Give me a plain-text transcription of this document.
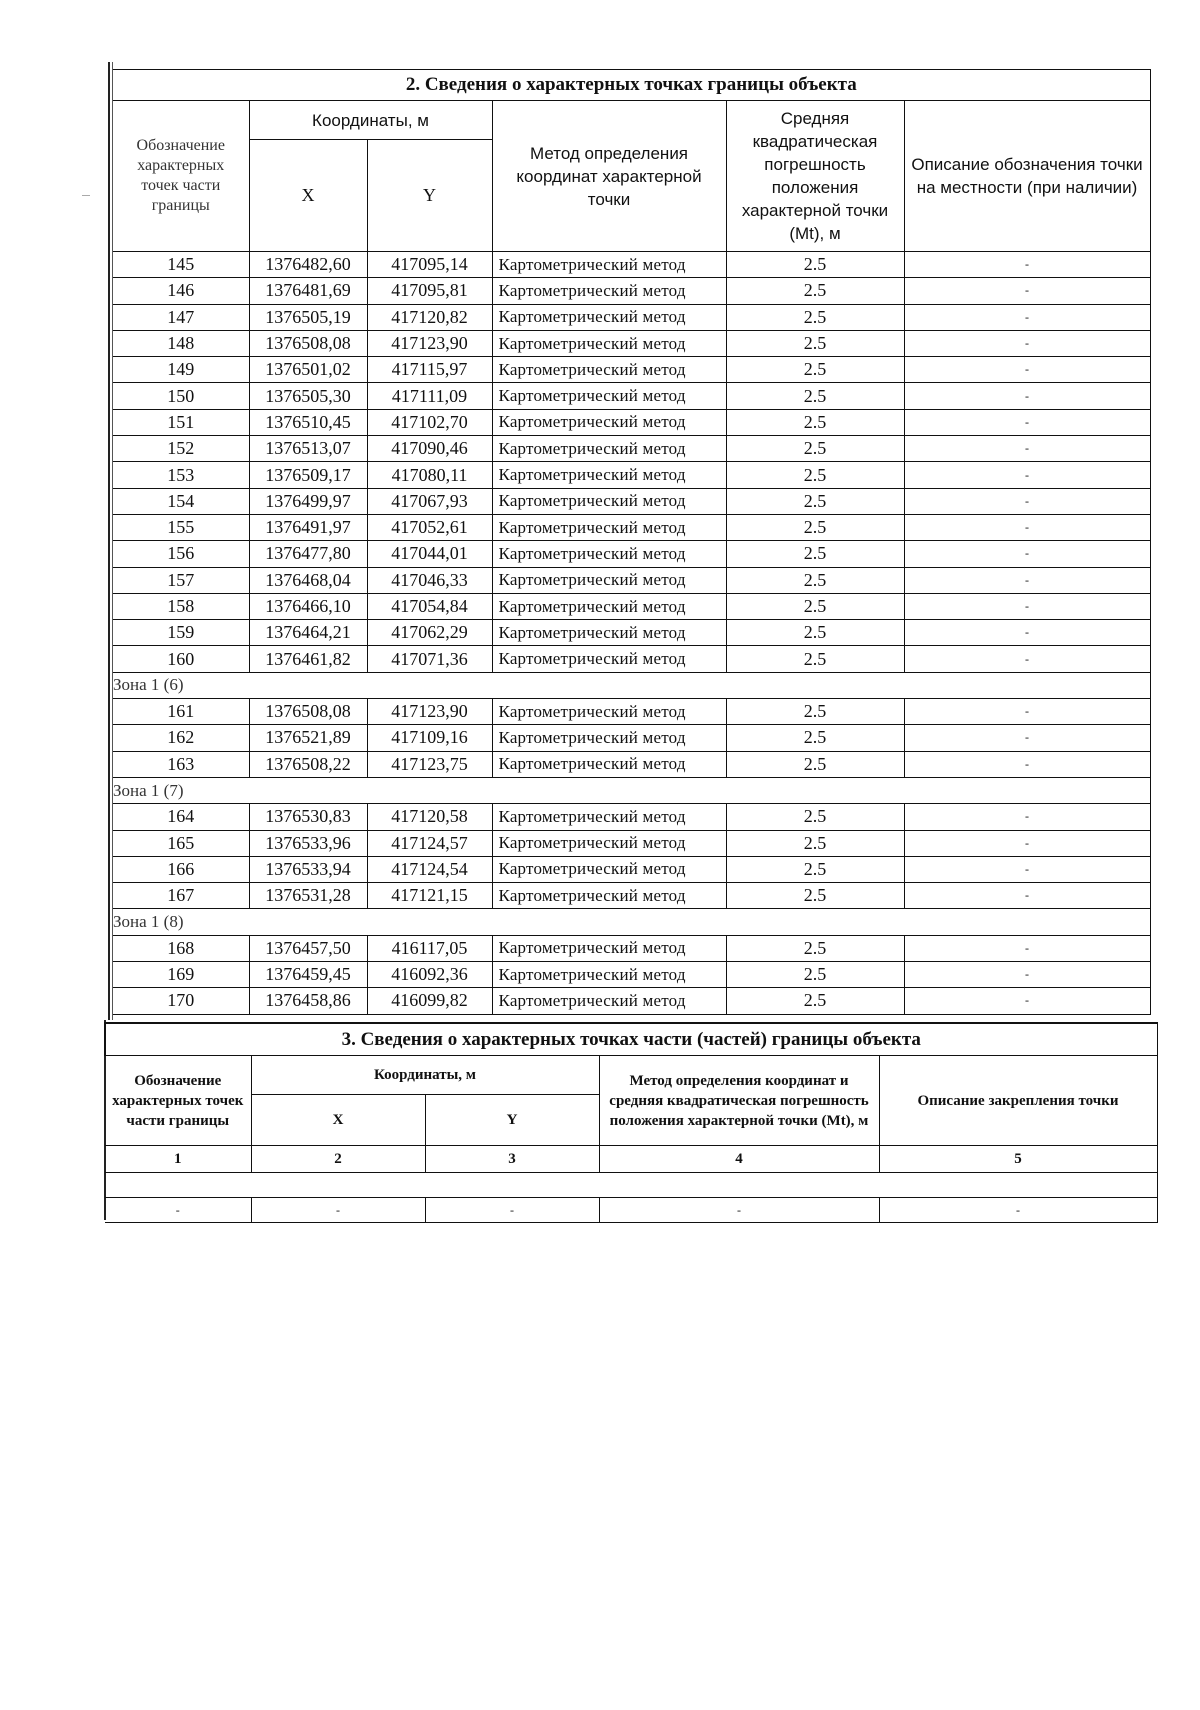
2. Сведения о характерных точках границы объекта					
Обозначение характерных точек части границы	Координаты, м		Метод определения координат характерной точки	Средняя квадратическая погрешность положения характерной точки (Mt), м	Описание обозначения точки на местности (при наличии)
	X	Y			
145	1376482,60	417095,14	Картометрический метод	2.5	-
146	1376481,69	417095,81	Картометрический метод	2.5	-
147	1376505,19	417120,82	Картометрический метод	2.5	-
148	1376508,08	417123,90	Картометрический метод	2.5	-
149	1376501,02	417115,97	Картометрический метод	2.5	-
150	1376505,30	417111,09	Картометрический метод	2.5	-
151	1376510,45	417102,70	Картометрический метод	2.5	-
152	1376513,07	417090,46	Картометрический метод	2.5	-
153	1376509,17	417080,11	Картометрический метод	2.5	-
154	1376499,97	417067,93	Картометрический метод	2.5	-
155	1376491,97	417052,61	Картометрический метод	2.5	-
156	1376477,80	417044,01	Картометрический метод	2.5	-
157	1376468,04	417046,33	Картометрический метод	2.5	-
158	1376466,10	417054,84	Картометрический метод	2.5	-
159	1376464,21	417062,29	Картометрический метод	2.5	-
160	1376461,82	417071,36	Картометрический метод	2.5	-
Зона 1 (6)					
161	1376508,08	417123,90	Картометрический метод	2.5	-
162	1376521,89	417109,16	Картометрический метод	2.5	-
163	1376508,22	417123,75	Картометрический метод	2.5	-
Зона 1 (7)					
164	1376530,83	417120,58	Картометрический метод	2.5	-
165	1376533,96	417124,57	Картометрический метод	2.5	-
166	1376533,94	417124,54	Картометрический метод	2.5	-
167	1376531,28	417121,15	Картометрический метод	2.5	-
Зона 1 (8)					
168	1376457,50	416117,05	Картометрический метод	2.5	-
169	1376459,45	416092,36	Картометрический метод	2.5	-
170	1376458,86	416099,82	Картометрический метод	2.5	-
3. Сведения о характерных точках части (частей) границы объекта				
Обозначение характерных точек части границы	Координаты, м		Метод определения координат и средняя квадратическая погрешность положения характерной точки (Mt), м	Описание закрепления точки
	X	Y		
1	2	3	4	5

-	-	-	-	-
